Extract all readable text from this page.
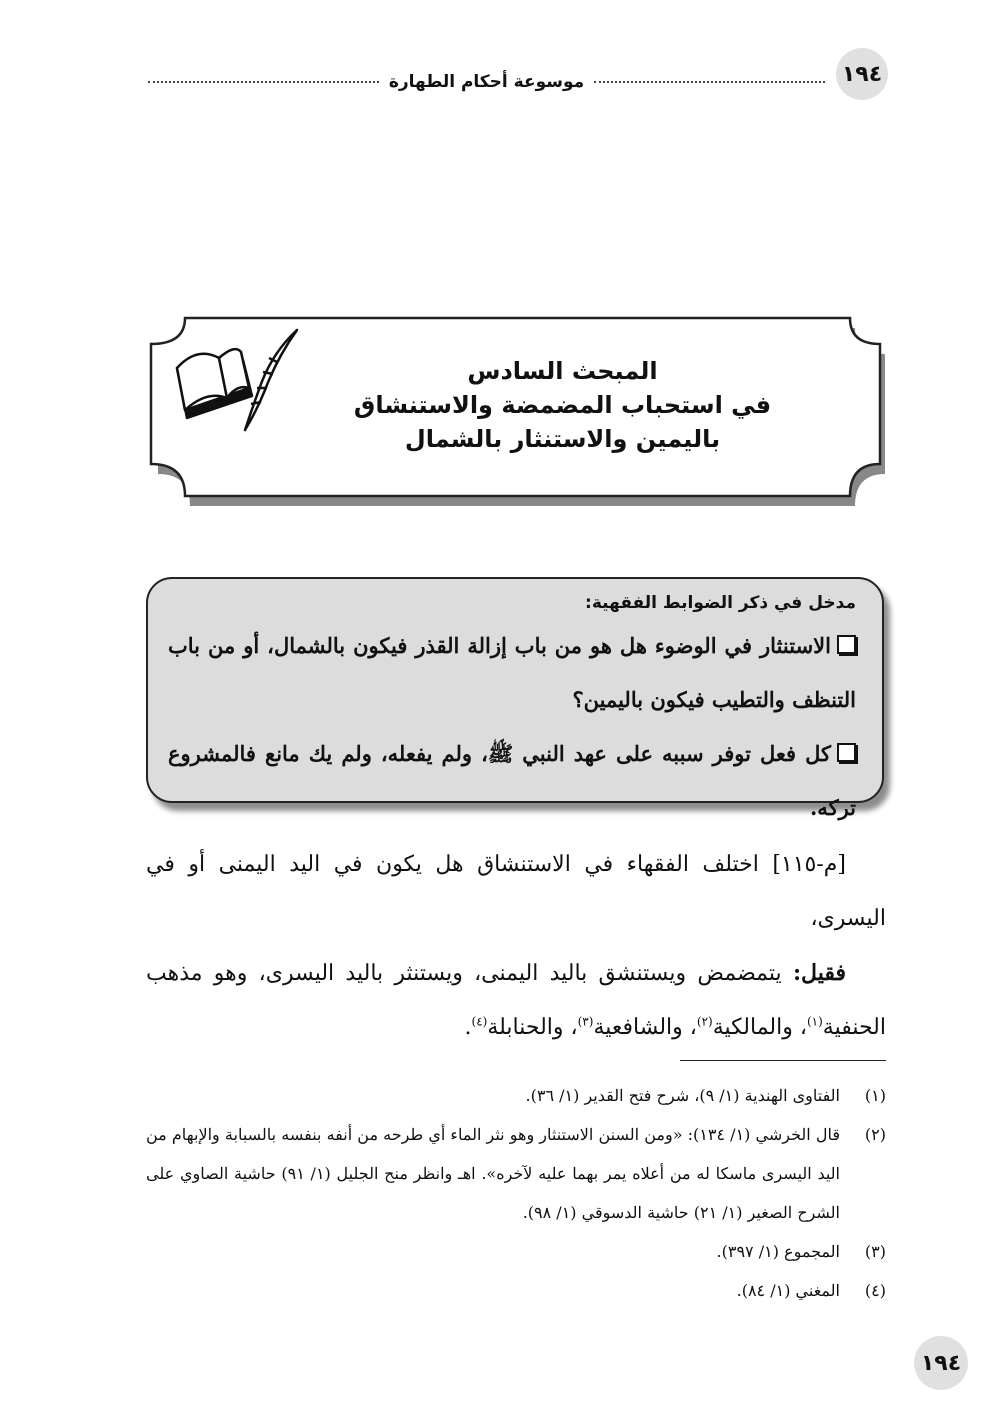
١٩٤
موسوعة أحكام الطهارة
المبحث السادس
في استحباب المضمضة والاستنشاق
باليمين والاستنثار بالشمال
مدخل في ذكر الضوابط الفقهية:
الاستنثار في الوضوء هل هو من باب إزالة القذر فيكون بالشمال، أو من باب التنظف والتطيب فيكون باليمين؟
كل فعل توفر سببه على عهد النبي ﷺ، ولم يفعله، ولم يك مانع فالمشروع تركه.

[م-١١٥] اختلف الفقهاء في الاستنشاق هل يكون في اليد اليمنى أو في اليسرى،

فقيل: يتمضمض ويستنشق باليد اليمنى، ويستنثر باليد اليسرى، وهو مذهب الحنفية$^{(١)}$، والمالكية$^{(٢)}$، والشافعية$^{(٣)}$، والحنابلة$^{(٤)}$.

(١)
الفتاوى الهندية (١/ ٩)، شرح فتح القدير (١/ ٣٦).
(٢)
قال الخرشي (١/ ١٣٤): «ومن السنن الاستنثار وهو نثر الماء أي طرحه من أنفه بنفسه بالسبابة والإبهام من اليد اليسرى ماسكا له من أعلاه يمر بهما عليه لآخره». اهـ وانظر منح الجليل (١/ ٩١) حاشية الصاوي على الشرح الصغير (١/ ٢١) حاشية الدسوقي (١/ ٩٨).
(٣)
المجموع (١/ ٣٩٧).
(٤)
المغني (١/ ٨٤).
١٩٤
